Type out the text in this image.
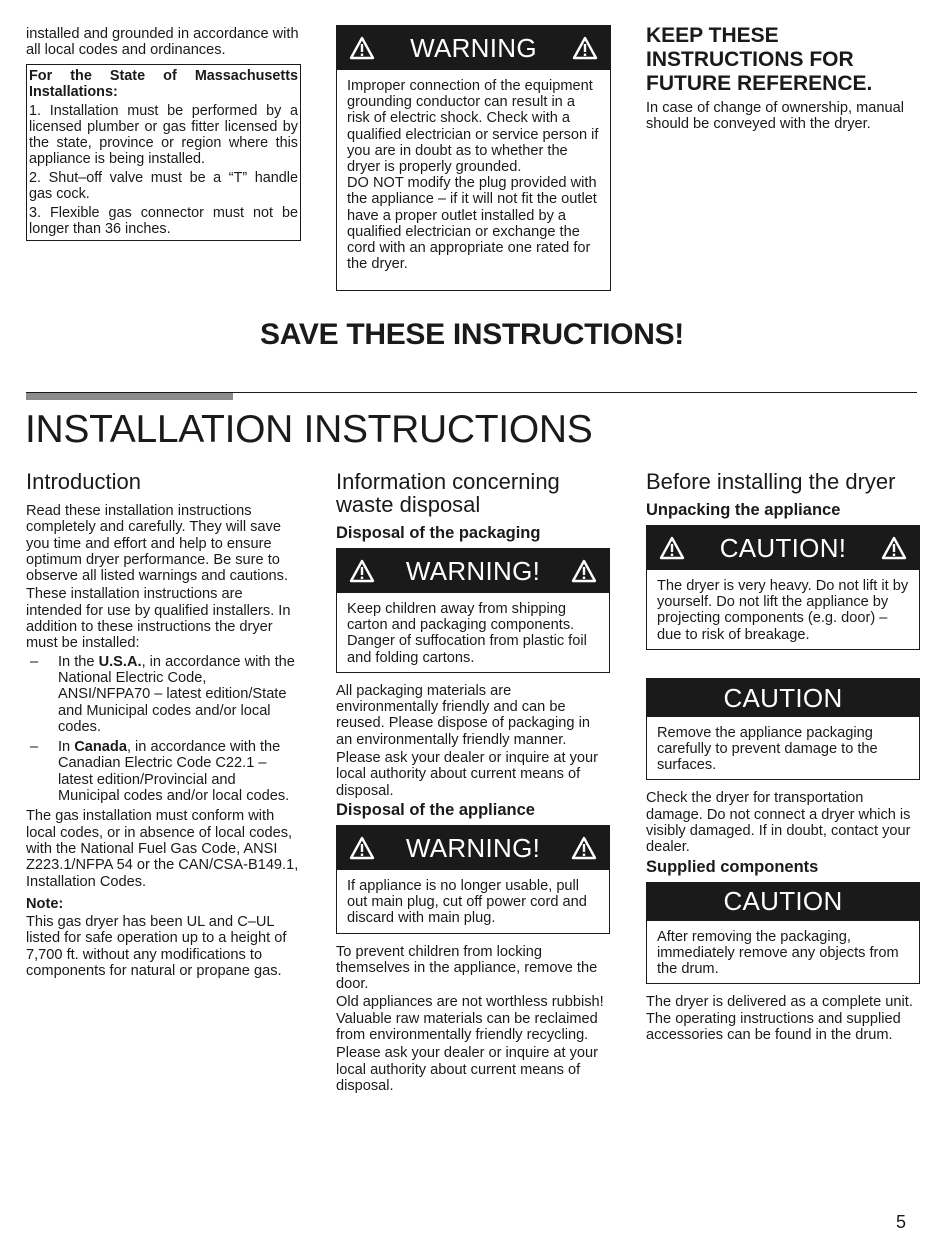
installed and grounded in accordance with all local codes and ordinances.

For the State of Massachusetts Installations:

1. Installation must be performed by a licensed plumber or gas fitter licensed by the state, province or region where this appliance is being installed.

2. Shut–off valve must be a “T” handle gas cock.

3. Flexible gas connector must not be longer than 36 inches.

WARNING

Improper connection of the equipment grounding conductor can result in a risk of electric shock. Check with a qualified electrician or service person if you are in doubt as to whether the dryer is properly grounded.

DO NOT modify the plug provided with the appliance – if it will not fit the outlet have a proper outlet installed by a qualified electrician or exchange the cord with an appropriate one rated for the dryer.

KEEP THESE INSTRUCTIONS FOR FUTURE REFERENCE.
In case of change of ownership, manual should be conveyed with the dryer.
SAVE THESE INSTRUCTIONS!
INSTALLATION INSTRUCTIONS
Introduction

Read these installation instructions completely and carefully. They will save you time and effort and help to ensure optimum dryer performance. Be sure to observe all listed warnings and cautions.

These installation instructions are intended for use by qualified installers. In addition to these instructions the dryer must be installed:

– In the U.S.A., in accordance with the National Electric Code, ANSI/NFPA70 – latest edition/State and Municipal codes and/or local codes.
– In Canada, in accordance with the Canadian Electric Code C22.1 – latest edition/Provincial and Municipal codes and/or local codes.

The gas installation must conform with local codes, or in absence of local codes, with the National Fuel Gas Code, ANSI Z223.1/NFPA 54 or the CAN/CSA-B149.1, Installation Codes.

Note:

This gas dryer has been UL and C–UL listed for safe operation up to a height of 7,700 ft. without any modifications to components for natural or propane gas.

Information concerning waste disposal
Disposal of the packaging
WARNING!

Keep children away from shipping carton and packaging components. Danger of suffocation from plastic foil and folding cartons.

All packaging materials are environmentally friendly and can be reused. Please dispose of packaging in an environmentally friendly manner.

Please ask your dealer or inquire at your local authority about current means of disposal.

Disposal of the appliance
WARNING!

If appliance is no longer usable, pull out main plug, cut off power cord and discard with main plug.

To prevent children from locking themselves in the appliance, remove the door.

Old appliances are not worthless rubbish! Valuable raw materials can be reclaimed from environmentally friendly recycling.

Please ask your dealer or inquire at your local authority about current means of disposal.

Before installing the dryer
Unpacking the appliance
CAUTION!

The dryer is very heavy. Do not lift it by yourself. Do not lift the appliance by projecting components (e.g. door) – due to risk of breakage.

CAUTION

Remove the appliance packaging carefully to prevent damage to the surfaces.

Check the dryer for transportation damage. Do not connect a dryer which is visibly damaged. If in doubt, contact your dealer.

Supplied components
CAUTION

After removing the packaging, immediately remove any objects from the drum.

The dryer is delivered as a complete unit. The operating instructions and supplied accessories can be found in the drum.

5
